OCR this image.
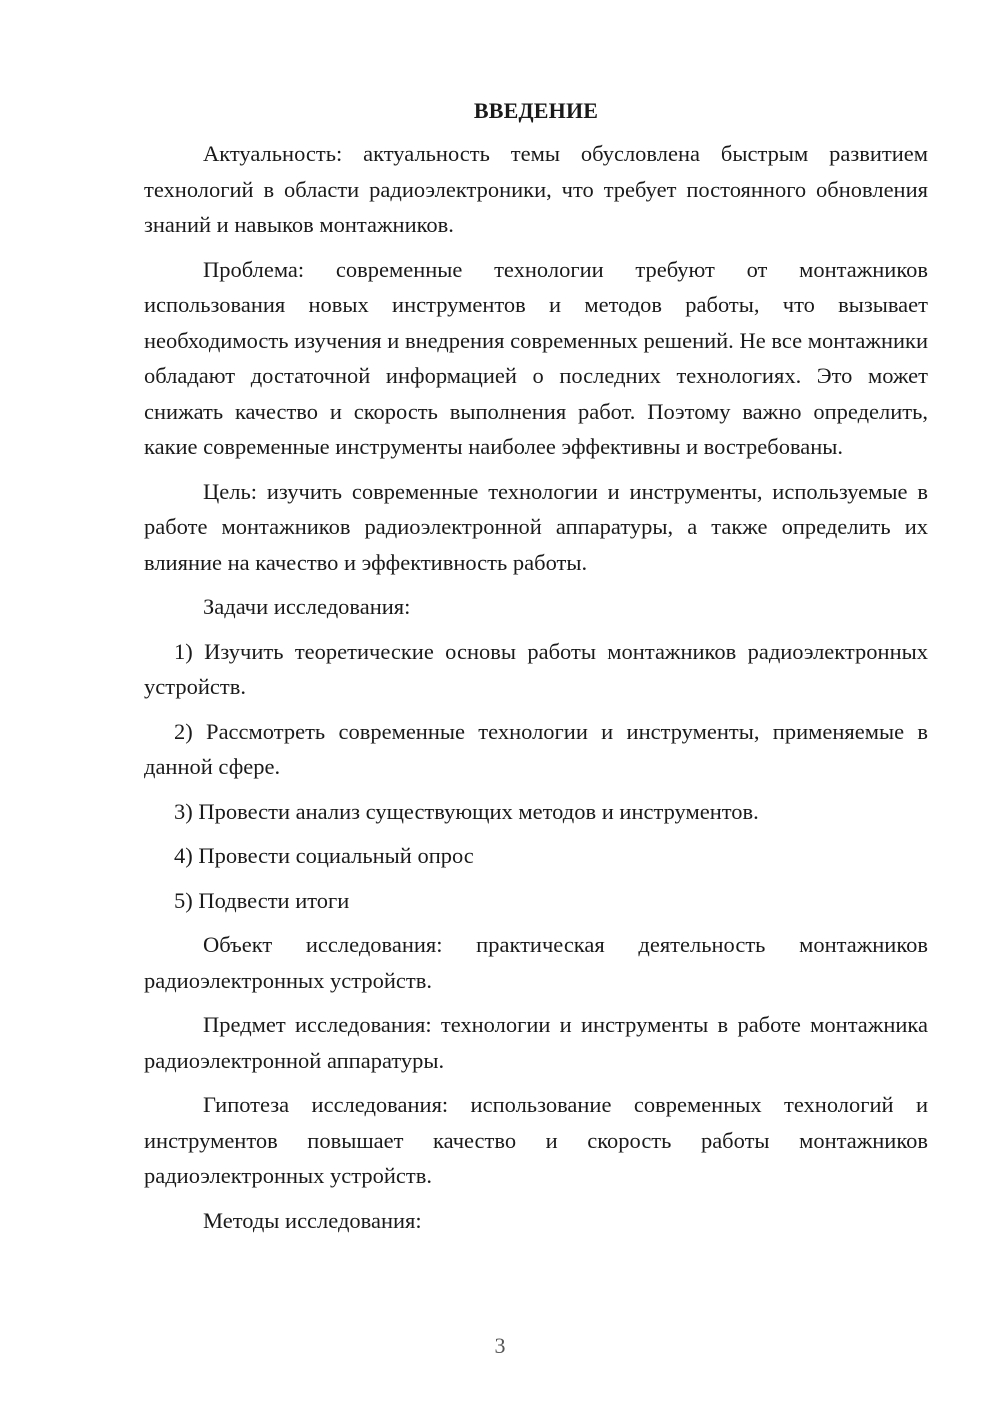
ВВЕДЕНИЕ

Актуальность: актуальность темы обусловлена быстрым развитием технологий в области радиоэлектроники, что требует постоянного обновления знаний и навыков монтажников.

Проблема: современные технологии требуют от монтажников использования новых инструментов и методов работы, что вызывает необходимость изучения и внедрения современных решений. Не все монтажники обладают достаточной информацией о последних технологиях. Это может снижать качество и скорость выполнения работ. Поэтому важно определить, какие современные инструменты наиболее эффективны и востребованы.

Цель: изучить современные технологии и инструменты, используемые в работе монтажников радиоэлектронной аппаратуры, а также определить их влияние на качество и эффективность работы.

Задачи исследования:

1) Изучить теоретические основы работы монтажников радиоэлектронных устройств.

2) Рассмотреть современные технологии и инструменты, применяемые в данной сфере.

3) Провести анализ существующих методов и инструментов.

4) Провести социальный опрос

5) Подвести итоги

Объект исследования: практическая деятельность монтажников радиоэлектронных устройств.

Предмет исследования: технологии и инструменты в работе монтажника радиоэлектронной аппаратуры.

Гипотеза исследования: использование современных технологий и инструментов повышает качество и скорость работы монтажников радиоэлектронных устройств.

Методы исследования:

3
